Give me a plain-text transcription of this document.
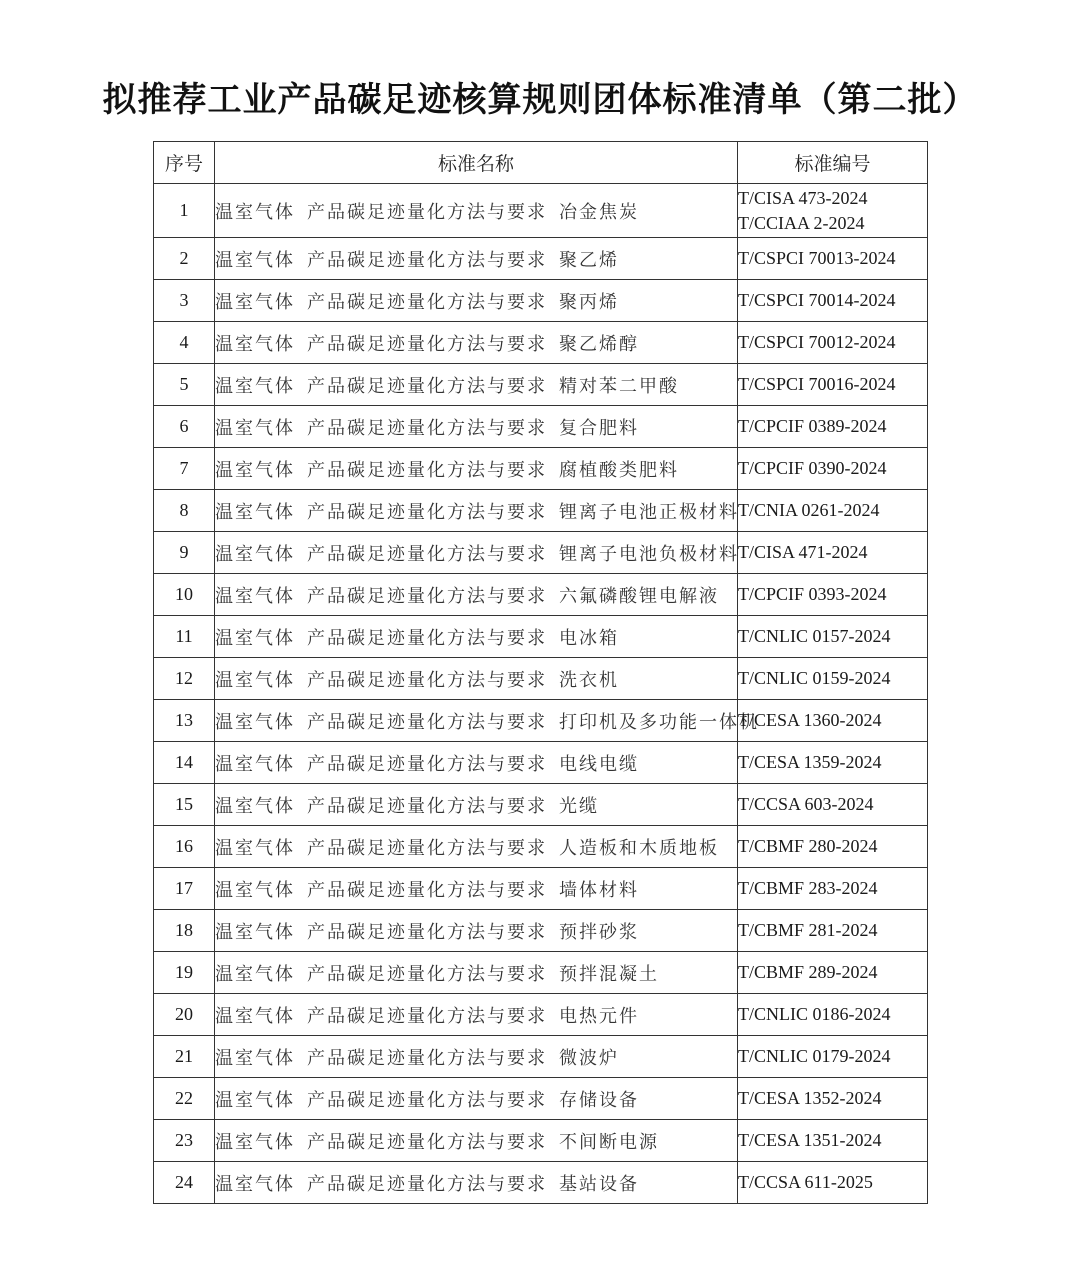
拟推荐工业产品碳足迹核算规则团体标准清单（第二批）
序号	标准名称	标准编号
1	温室气体 产品碳足迹量化方法与要求 冶金焦炭	T/CISA 473-2024
T/CCIAA 2-2024

2	温室气体 产品碳足迹量化方法与要求 聚乙烯	T/CSPCI 70013-2024

3	温室气体 产品碳足迹量化方法与要求 聚丙烯	T/CSPCI 70014-2024

4	温室气体 产品碳足迹量化方法与要求 聚乙烯醇	T/CSPCI 70012-2024

5	温室气体 产品碳足迹量化方法与要求 精对苯二甲酸	T/CSPCI 70016-2024

6	温室气体 产品碳足迹量化方法与要求 复合肥料	T/CPCIF 0389-2024

7	温室气体 产品碳足迹量化方法与要求 腐植酸类肥料	T/CPCIF 0390-2024

8	温室气体 产品碳足迹量化方法与要求 锂离子电池正极材料	T/CNIA 0261-2024

9	温室气体 产品碳足迹量化方法与要求 锂离子电池负极材料	T/CISA 471-2024

10	温室气体 产品碳足迹量化方法与要求 六氟磷酸锂电解液	T/CPCIF 0393-2024

11	温室气体 产品碳足迹量化方法与要求 电冰箱	T/CNLIC 0157-2024

12	温室气体 产品碳足迹量化方法与要求 洗衣机	T/CNLIC 0159-2024

13	温室气体 产品碳足迹量化方法与要求 打印机及多功能一体机	T/CESA 1360-2024

14	温室气体 产品碳足迹量化方法与要求 电线电缆	T/CESA 1359-2024

15	温室气体 产品碳足迹量化方法与要求 光缆	T/CCSA 603-2024

16	温室气体 产品碳足迹量化方法与要求 人造板和木质地板	T/CBMF 280-2024

17	温室气体 产品碳足迹量化方法与要求 墙体材料	T/CBMF 283-2024

18	温室气体 产品碳足迹量化方法与要求 预拌砂浆	T/CBMF 281-2024

19	温室气体 产品碳足迹量化方法与要求 预拌混凝土	T/CBMF 289-2024

20	温室气体 产品碳足迹量化方法与要求 电热元件	T/CNLIC 0186-2024

21	温室气体 产品碳足迹量化方法与要求 微波炉	T/CNLIC 0179-2024

22	温室气体 产品碳足迹量化方法与要求 存储设备	T/CESA 1352-2024

23	温室气体 产品碳足迹量化方法与要求 不间断电源	T/CESA 1351-2024

24	温室气体 产品碳足迹量化方法与要求 基站设备	T/CCSA 611-2025
